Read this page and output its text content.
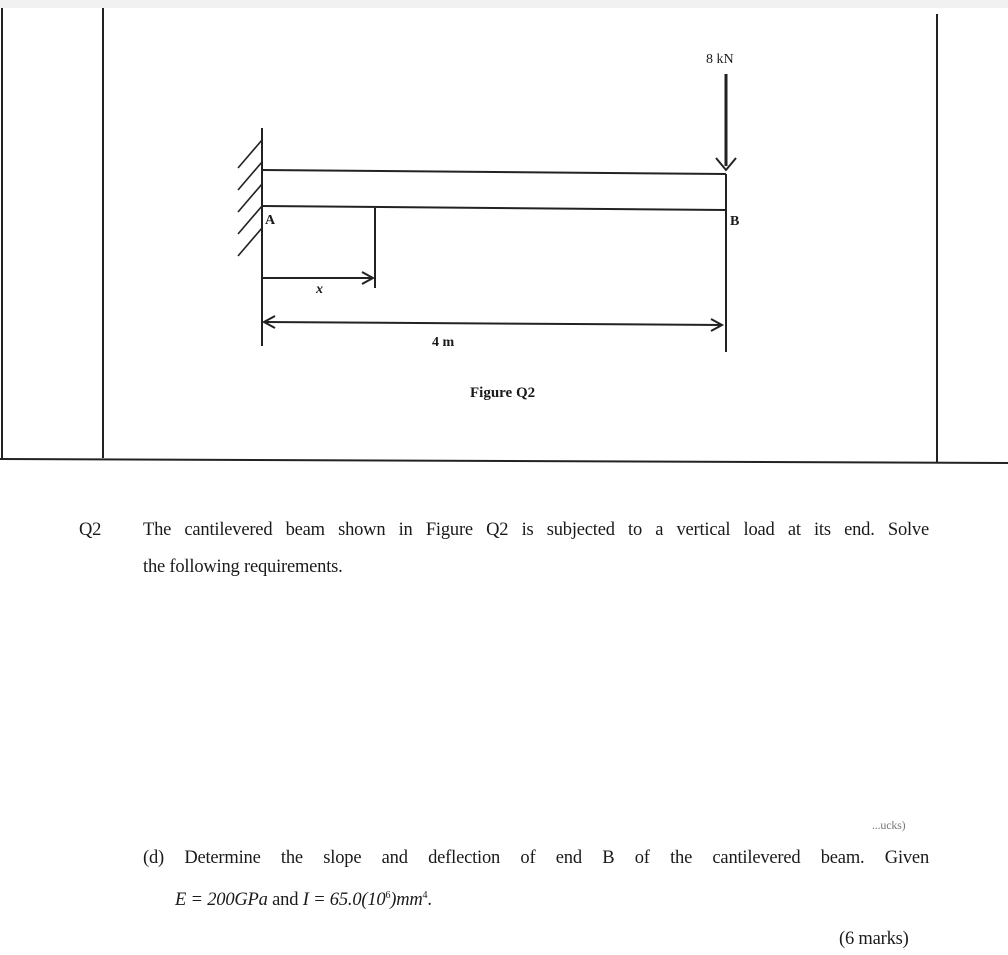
8 kN
A	B
x
4 m
Figure Q2
Q2 The cantilevered beam shown in Figure Q2 is subjected to a vertical load at its end. Solve
the following requirements.
...ucks)
(d) Determine the slope and deflection of end B of the cantilevered beam. Given
E = 200GPa and $I = 65.0(10^6)mm^4$.
(6 marks)
